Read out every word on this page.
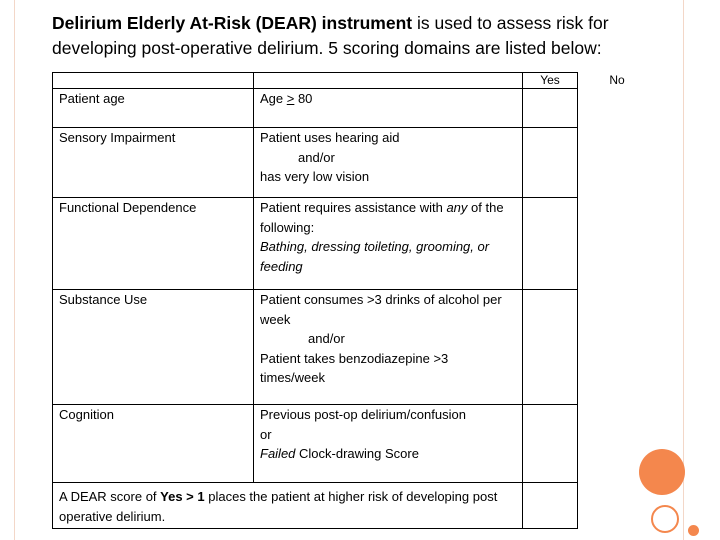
Delirium Elderly At-Risk (DEAR) instrument is used to assess risk for developing post-operative delirium. 5 scoring domains are listed below:
		Yes
Patient age	Age > 80	
Sensory Impairment	Patient uses hearing aid
and/or
has very low vision	

Functional Dependence	Patient requires assistance with any of the following:
Bathing, dressing toileting, grooming, or feeding	

Substance Use	Patient consumes >3 drinks of alcohol per week
and/or
Patient takes benzodiazepine >3 times/week	

Cognition	Previous post-op delirium/confusion
or
Failed Clock-drawing Score	
A DEAR score of Yes > 1 places the patient at higher risk of developing post operative delirium.		
No
